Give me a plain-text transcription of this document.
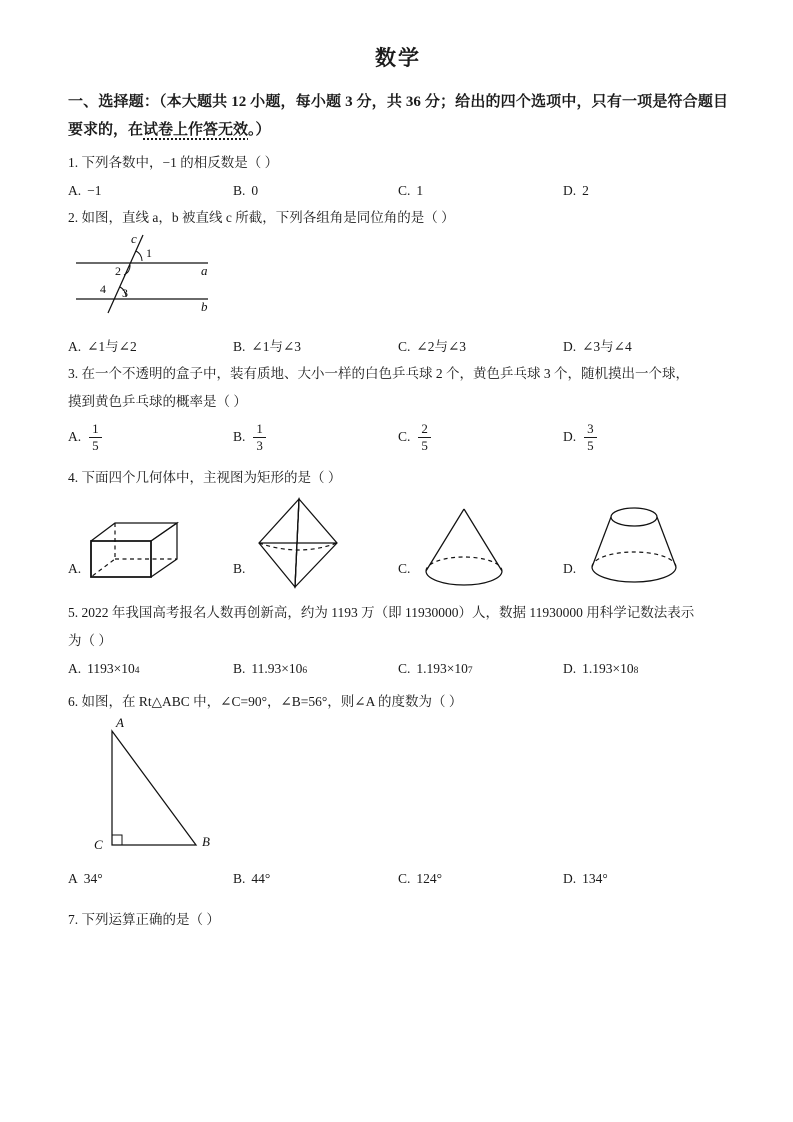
数学
一、选择题：（本大题共 12 小题，每小题 3 分，共 36 分；给出的四个选项中，只有一项是符合题目要求的，在试卷上作答无效。）
1. 下列各数中，−1 的相反数是（ ）
A. −1	B. 0	C. 1	D. 2
2. 如图，直线 a，b 被直线 c 所截，下列各组角是同位角的是（ ）
c
a
b
1
2
4 3
A. ∠1与∠2	B. ∠1与∠3	C. ∠2与∠3	D. ∠3与∠4
3. 在一个不透明的盒子中，装有质地、大小一样的白色乒乓球 2 个，黄色乒乓球 3 个，随机摸出一个球，
摸到黄色乒乓球的概率是（ ）
A. $\frac{1}{5}$	B. $\frac{1}{3}$	C. $\frac{2}{5}$	D. $\frac{3}{5}$
4. 下面四个几何体中，主视图为矩形的是（ ）
A.	B.	C.	D.
5. 2022 年我国高考报名人数再创新高，约为 1193 万（即 11930000）人，数据 11930000 用科学记数法表示
为（ ）
A. 1193×10 4	B. 11.93×10 6	C. 1.193×10 7	D. 1.193×10 8
6. 如图，在 Rt△ABC 中，∠C=90°，∠B=56°，则∠A 的度数为（ ）
A
C	B
A 34°	B. 44°	C. 124°	D. 134°
7. 下列运算正确的是（ ）
